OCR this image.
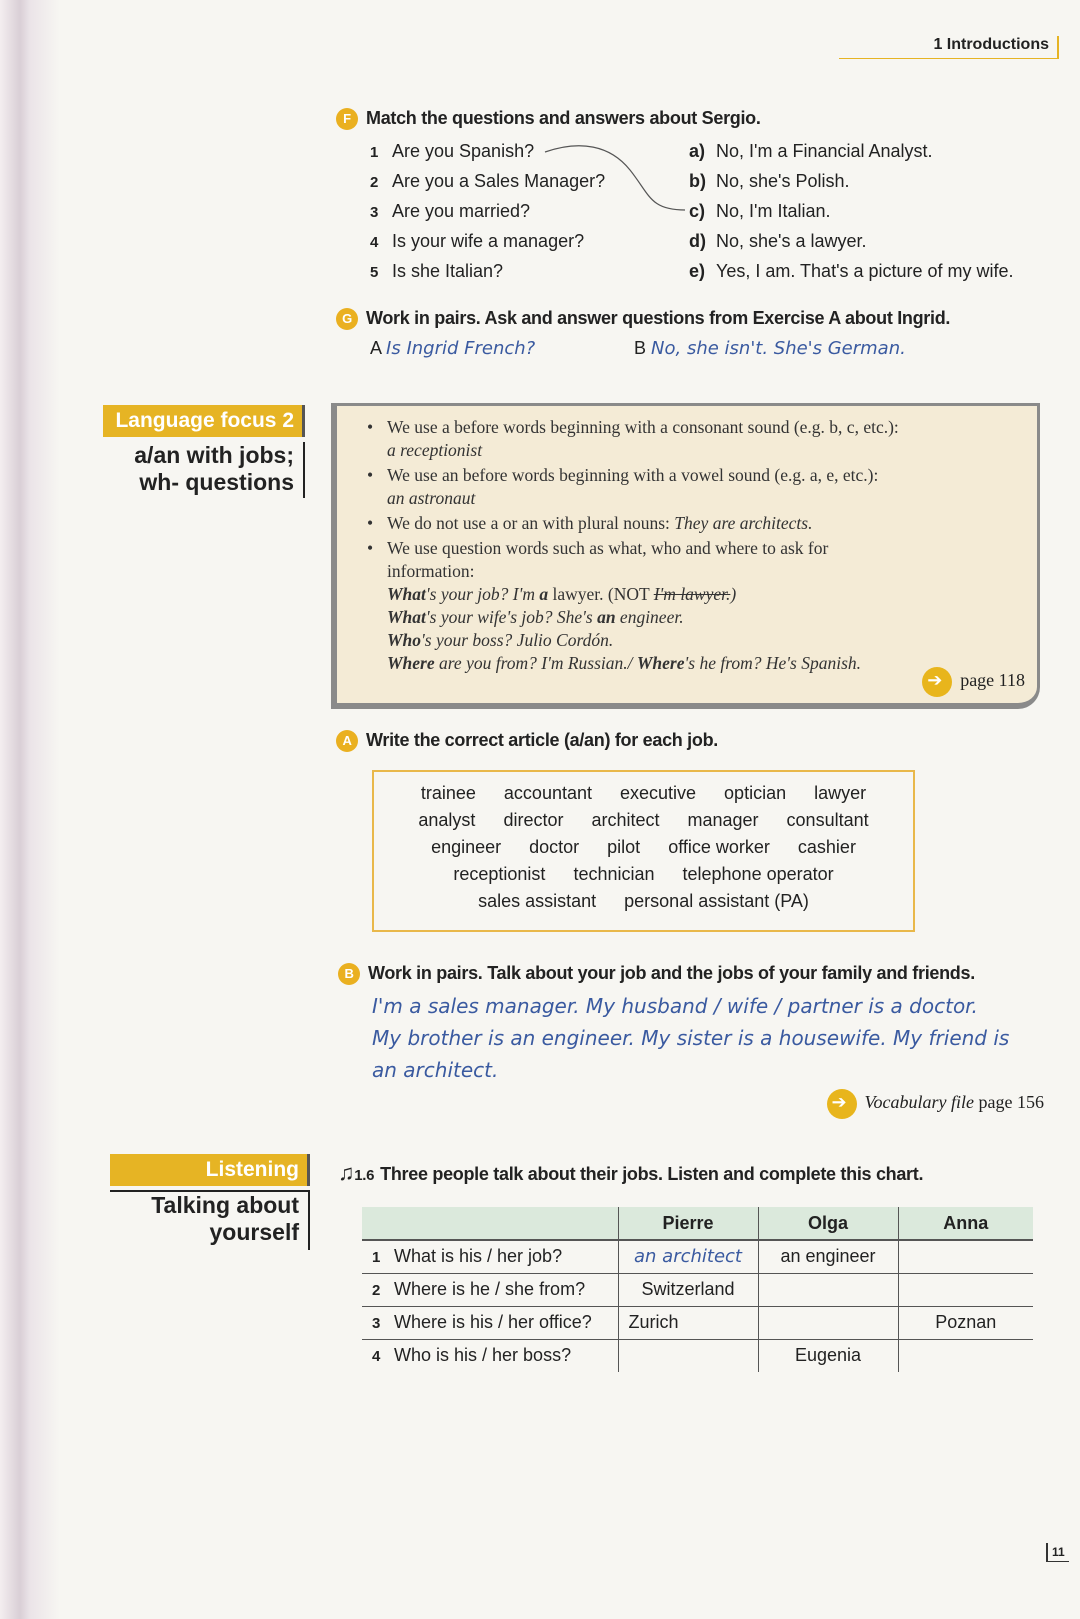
1 Introductions
F Match the questions and answers about Sergio.
1 Are you Spanish?
2 Are you a Sales Manager?
3 Are you married?
4 Is your wife a manager?
5 Is she Italian?
a) No, I'm a Financial Analyst.
b) No, she's Polish.
c) No, I'm Italian.
d) No, she's a lawyer.
e) Yes, I am. That's a picture of my wife.
G Work in pairs. Ask and answer questions from Exercise A about Ingrid.
A Is Ingrid French?	B No, she isn't. She's German.
Language focus 2
a/an with jobs;
wh- questions
• We use a before words beginning with a consonant sound (e.g. b, c, etc.):
a receptionist
• We use an before words beginning with a vowel sound (e.g. a, e, etc.):
an astronaut
• We do not use a or an with plural nouns: They are architects.
• We use question words such as what, who and where to ask for information:
What's your job? I'm a lawyer. (NOT I'm lawyer.)
What's your wife's job? She's an engineer.
Who's your boss? Julio Cordón.
Where are you from? I'm Russian./ Where's he from? He's Spanish.
➔page 118
A Write the correct article (a/an) for each job.
trainee accountant executive optician lawyer
analyst director architect manager consultant
engineer doctor pilot office worker cashier
receptionist technician telephone operator
sales assistant personal assistant (PA)
B Work in pairs. Talk about your job and the jobs of your family and friends.
I'm a sales manager. My husband / wife / partner is a doctor.
My brother is an engineer. My sister is a housewife. My friend is
an architect.
➔Vocabulary file page 156
Listening
Talking about
yourself
♫1.6 Three people talk about their jobs. Listen and complete this chart.
	Pierre	Olga	Anna
1 What is his / her job?	an architect	an engineer	
2 Where is he / she from?	Switzerland		
3 Where is his / her office?	Zurich		Poznan
4 Who is his / her boss?		Eugenia	
11
